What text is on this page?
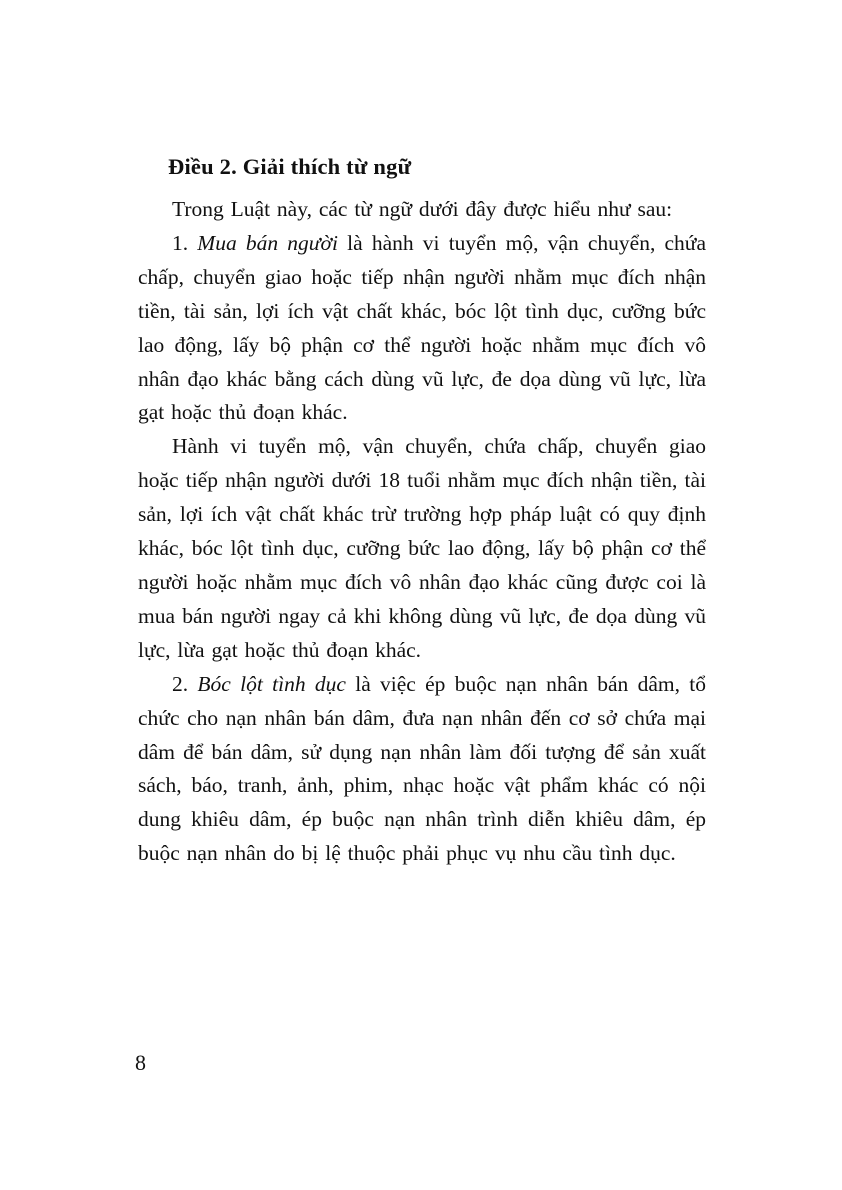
Điều 2. Giải thích từ ngữ

Trong Luật này, các từ ngữ dưới đây được hiểu như sau:

1. Mua bán người là hành vi tuyển mộ, vận chuyển, chứa chấp, chuyển giao hoặc tiếp nhận người nhằm mục đích nhận tiền, tài sản, lợi ích vật chất khác, bóc lột tình dục, cưỡng bức lao động, lấy bộ phận cơ thể người hoặc nhằm mục đích vô nhân đạo khác bằng cách dùng vũ lực, đe dọa dùng vũ lực, lừa gạt hoặc thủ đoạn khác.

Hành vi tuyển mộ, vận chuyển, chứa chấp, chuyển giao hoặc tiếp nhận người dưới 18 tuổi nhằm mục đích nhận tiền, tài sản, lợi ích vật chất khác trừ trường hợp pháp luật có quy định khác, bóc lột tình dục, cưỡng bức lao động, lấy bộ phận cơ thể người hoặc nhằm mục đích vô nhân đạo khác cũng được coi là mua bán người ngay cả khi không dùng vũ lực, đe dọa dùng vũ lực, lừa gạt hoặc thủ đoạn khác.

2. Bóc lột tình dục là việc ép buộc nạn nhân bán dâm, tổ chức cho nạn nhân bán dâm, đưa nạn nhân đến cơ sở chứa mại dâm để bán dâm, sử dụng nạn nhân làm đối tượng để sản xuất sách, báo, tranh, ảnh, phim, nhạc hoặc vật phẩm khác có nội dung khiêu dâm, ép buộc nạn nhân trình diễn khiêu dâm, ép buộc nạn nhân do bị lệ thuộc phải phục vụ nhu cầu tình dục.

8
